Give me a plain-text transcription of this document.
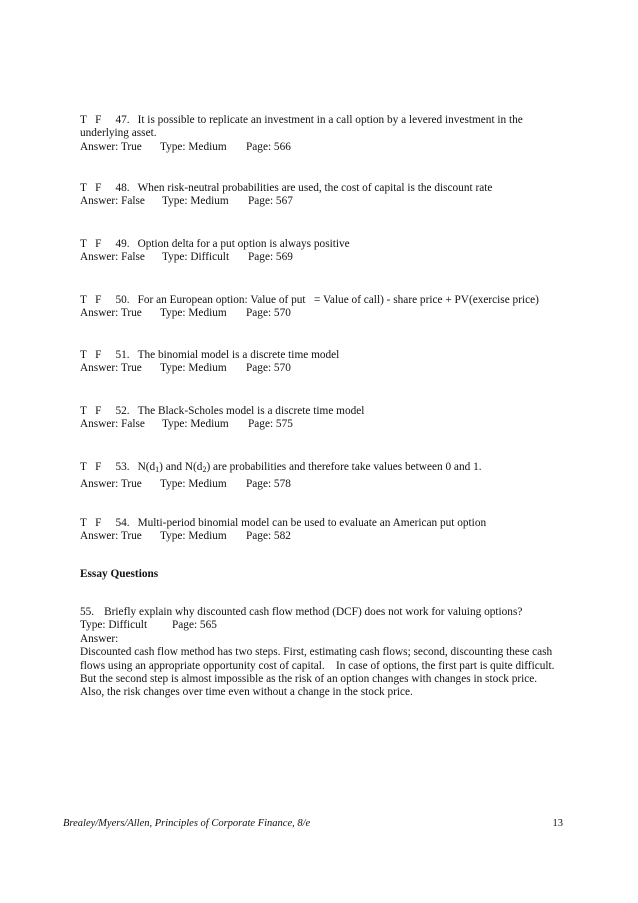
T   F 47. It is possible to replicate an investment in a call option by a levered investment in the underlying asset.
Answer: True Type: Medium Page: 566
T   F 48. When risk-neutral probabilities are used, the cost of capital is the discount rate
Answer: False Type: Medium Page: 567
T   F 49. Option delta for a put option is always positive
Answer: False Type: Difficult Page: 569
T   F 50. For an European option: Value of put   = Value of call) - share price + PV(exercise price)
Answer: True Type: Medium Page: 570
T   F 51. The binomial model is a discrete time model
Answer: True Type: Medium Page: 570
T   F 52. The Black-Scholes model is a discrete time model
Answer: False Type: Medium Page: 575
T   F 53. $N(d_1)$ and $N(d_2)$ are probabilities and therefore take values between 0 and 1.
Answer: True Type: Medium Page: 578
T   F 54. Multi-period binomial model can be used to evaluate an American put option
Answer: True Type: Medium Page: 582
Essay Questions
55. Briefly explain why discounted cash flow method (DCF) does not work for valuing options?
Type: Difficult Page: 565
Answer:
Discounted cash flow method has two steps. First, estimating cash flows; second, discounting these cash
flows using an appropriate opportunity cost of capital.    In case of options, the first part is quite difficult.
But the second step is almost impossible as the risk of an option changes with changes in stock price.
Also, the risk changes over time even without a change in the stock price.
Brealey/Myers/Allen, Principles of Corporate Finance, 8/e	13
